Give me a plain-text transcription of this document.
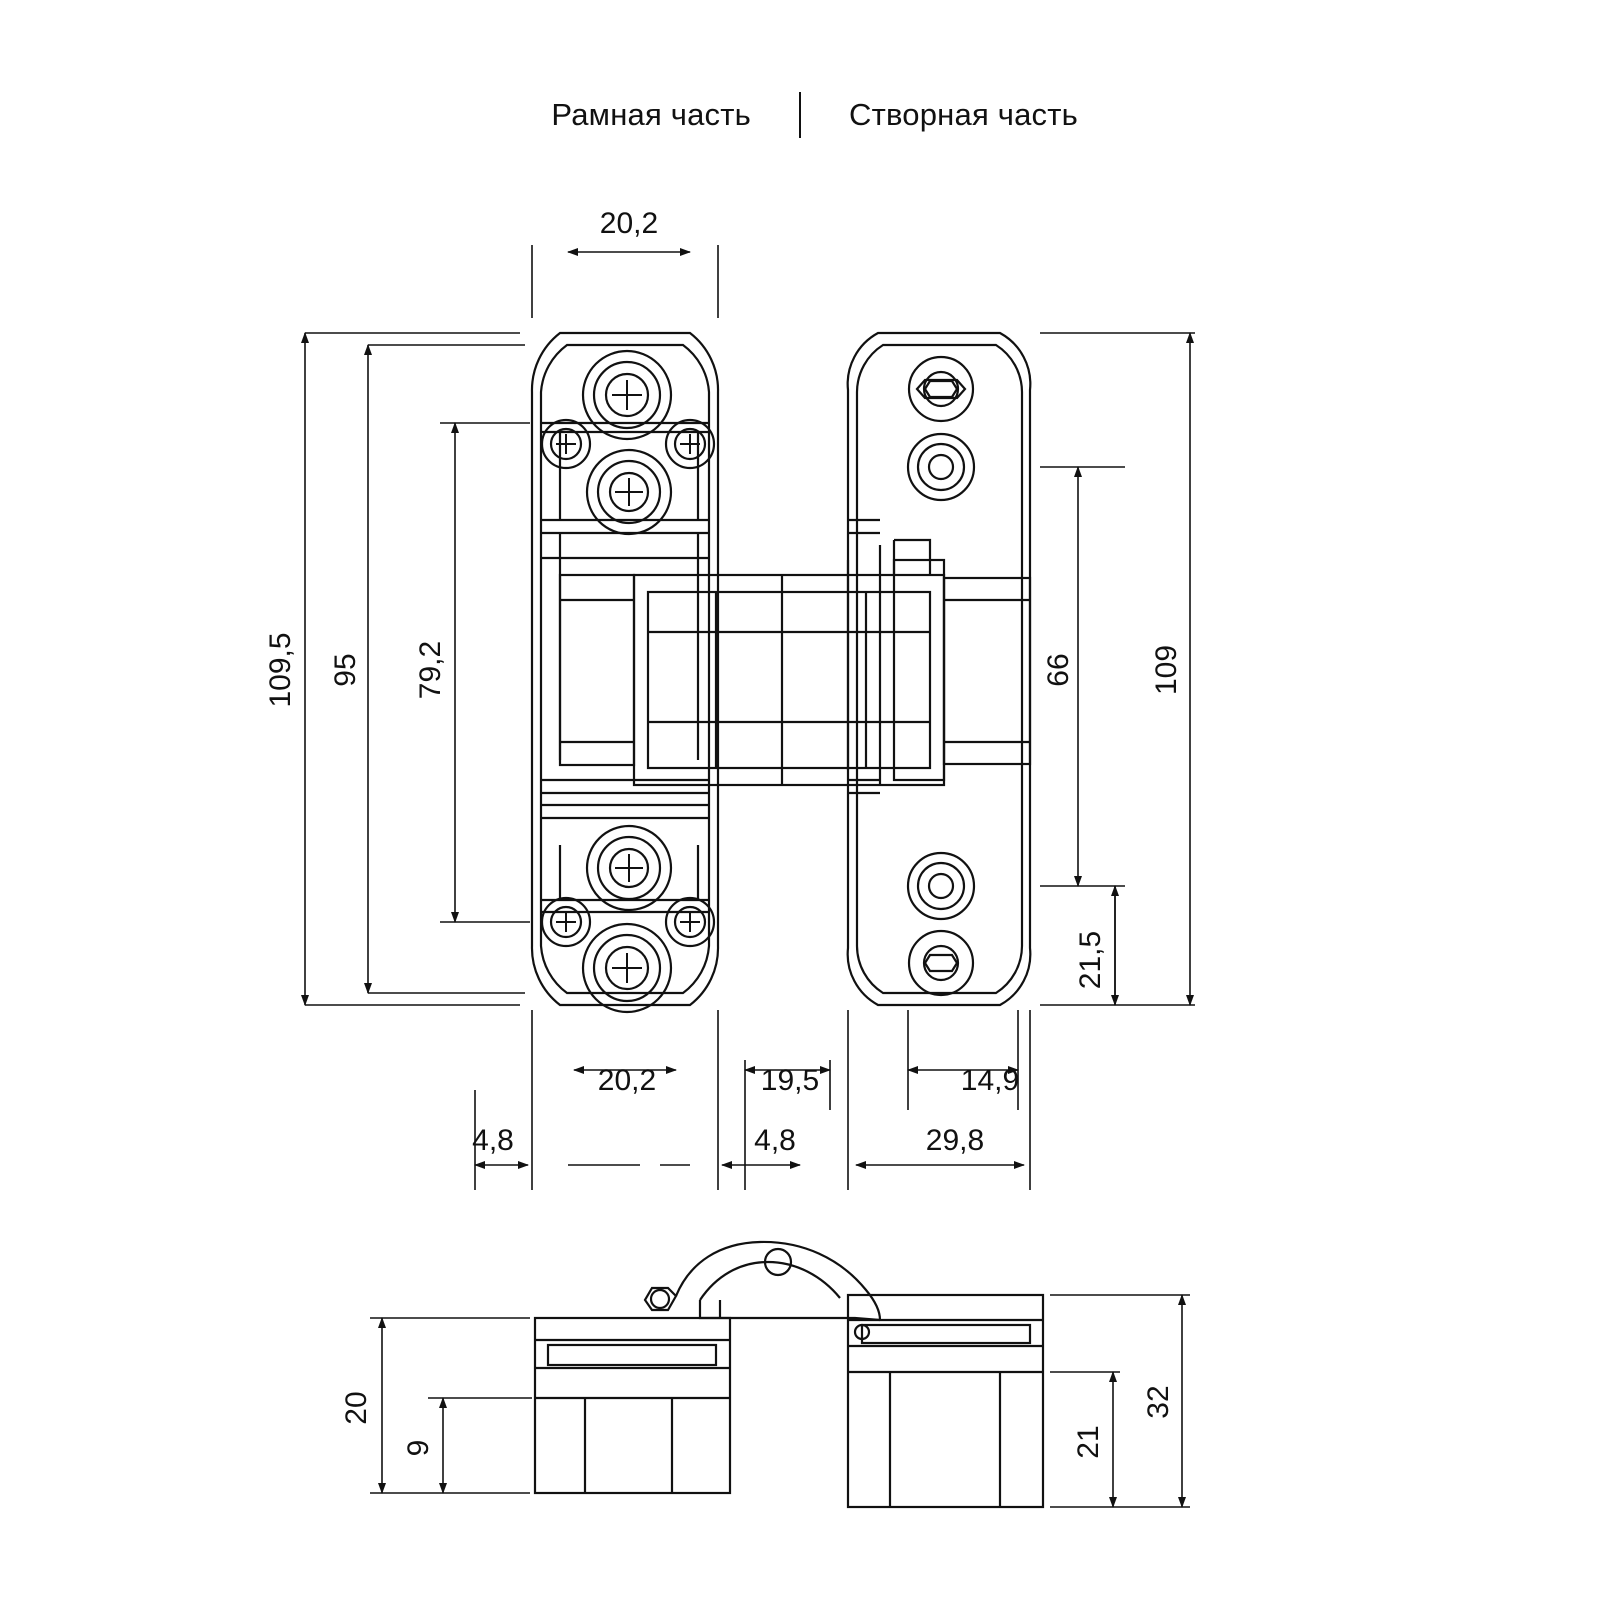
Рамная часть	Створная часть
109,5 95 79,2	66	109
21,5
20,2
20,2	19,5	14,9
4,8	4,8	29,8
20
9	21
32
